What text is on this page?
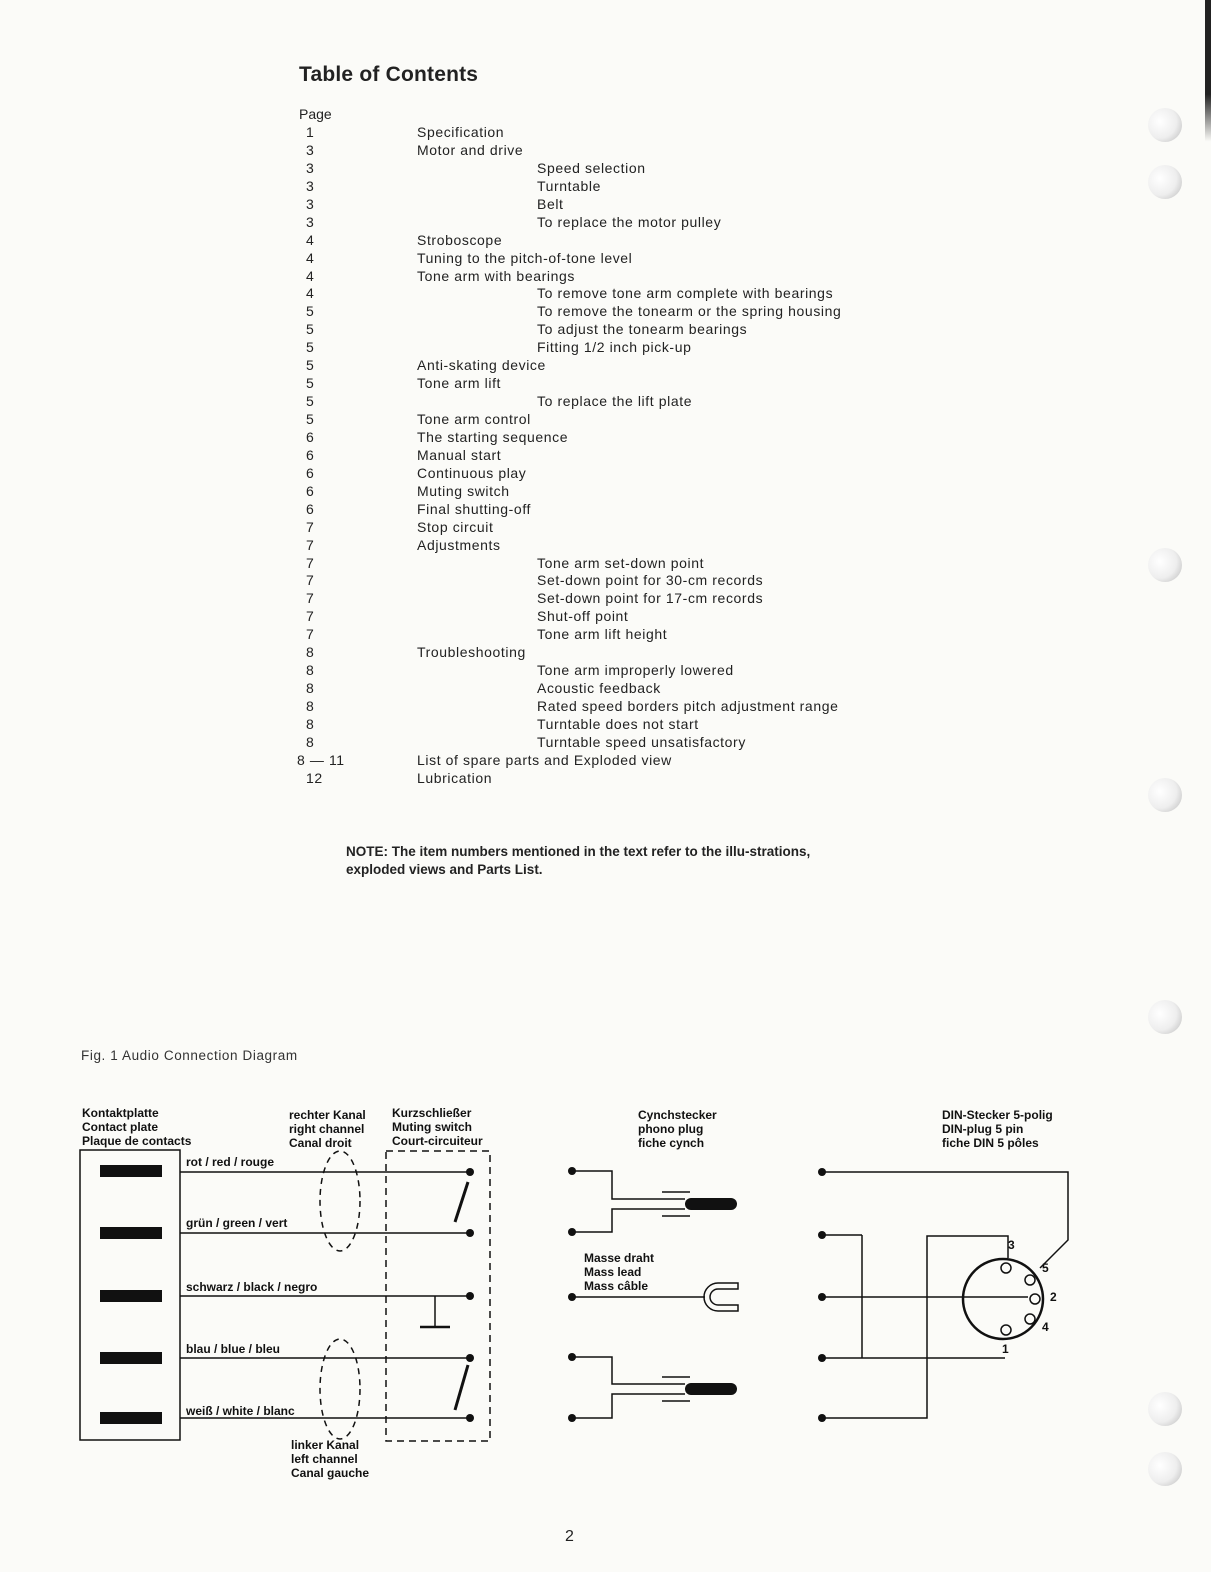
Table of Contents
Page
1	Specification
3	Motor and drive
3	Speed selection
3	Turntable
3	Belt
3	To replace the motor pulley
4	Stroboscope
4	Tuning to the pitch-of-tone level
4	Tone arm with bearings
4	To remove tone arm complete with bearings
5	To remove the tonearm or the spring housing
5	To adjust the tonearm bearings
5	Fitting 1/2 inch pick-up
5	Anti-skating device
5	Tone arm lift
5	To replace the lift plate
5	Tone arm control
6	The starting sequence
6	Manual start
6	Continuous play
6	Muting switch
6	Final shutting-off
7	Stop circuit
7	Adjustments
7	Tone arm set-down point
7	Set-down point for 30-cm records
7	Set-down point for 17-cm records
7	Shut-off point
7	Tone arm lift height
8	Troubleshooting
8	Tone arm improperly lowered
8	Acoustic feedback
8	Rated speed borders pitch adjustment range
8	Turntable does not start
8	Turntable speed unsatisfactory
8 — 11	List of spare parts and Exploded view
12	Lubrication
NOTE: The item numbers mentioned in the text refer to the illu-strations, exploded views and Parts List.
Fig. 1 Audio Connection Diagram
Kontaktplatte
Contact plate
Plaque de contacts
rechter Kanal
right channel
Canal droit
Kurzschließer
Muting switch
Court-circuiteur
linker Kanal
left channel
Canal gauche
Cynchstecker
phono plug
fiche cynch
Masse draht
Mass lead
Mass câble
DIN-Stecker 5-polig
DIN-plug 5 pin
fiche DIN 5 pôles
rot / red / rouge
grün / green / vert
schwarz / black / negro
blau / blue / bleu
weiß / white / blanc
3
5
2
4
1
2
